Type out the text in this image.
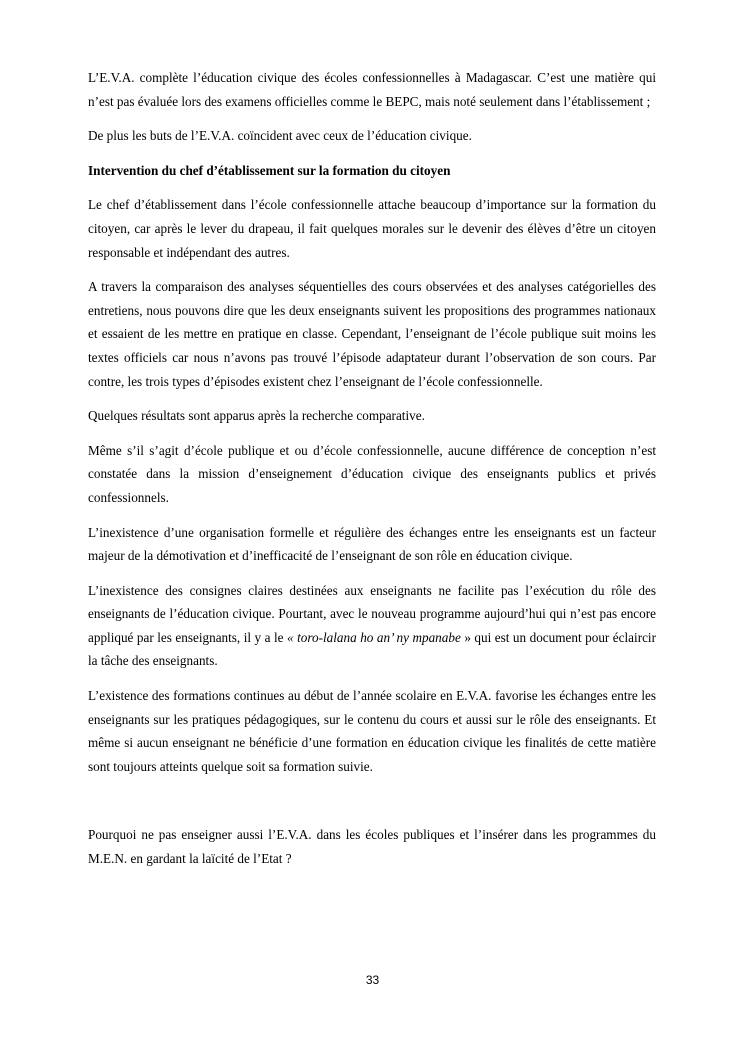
L’E.V.A. complète l’éducation civique des écoles confessionnelles à Madagascar. C’est une matière qui n’est pas évaluée lors des examens officielles comme le BEPC, mais noté seulement dans l’établissement ;

De plus les buts de l’E.V.A. coïncident avec ceux de l’éducation civique.

Intervention du chef d’établissement sur la formation du citoyen

Le chef d’établissement dans l’école confessionnelle attache beaucoup d’importance sur la formation du citoyen, car après le lever du drapeau, il fait quelques morales sur le devenir des élèves d’être un citoyen responsable et indépendant des autres.

A travers la comparaison des analyses séquentielles des cours observées et des analyses catégorielles des entretiens, nous pouvons dire que les deux enseignants suivent les propositions des programmes nationaux et essaient de les mettre en pratique en classe. Cependant, l’enseignant de l’école publique suit moins les textes officiels car nous n’avons pas trouvé l’épisode adaptateur durant l’observation de son cours. Par contre, les trois types d’épisodes existent chez l’enseignant de l’école confessionnelle.

Quelques résultats sont apparus après la recherche comparative.

Même s’il s’agit d’école publique et ou d’école confessionnelle, aucune différence de conception n’est constatée dans la mission d’enseignement d’éducation civique des enseignants publics et privés confessionnels.

L’inexistence d’une organisation formelle et régulière des échanges entre les enseignants est un facteur majeur de la démotivation et d’inefficacité de l’enseignant de son rôle en éducation civique.

L’inexistence des consignes claires destinées aux enseignants ne facilite pas l’exécution du rôle des enseignants de l’éducation civique. Pourtant, avec le nouveau programme aujourd’hui qui n’est pas encore appliqué par les enseignants, il y a le « toro-lalana ho an’ ny mpanabe » qui est un document pour éclaircir la tâche des enseignants.

L’existence des formations continues au début de l’année scolaire en E.V.A. favorise les échanges entre les enseignants sur les pratiques pédagogiques, sur le contenu du cours et aussi sur le rôle des enseignants. Et même si aucun enseignant ne bénéficie d’une formation en éducation civique les finalités de cette matière sont toujours atteints quelque soit sa formation suivie.

Pourquoi ne pas enseigner aussi l’E.V.A. dans les écoles publiques et l’insérer dans les programmes du M.E.N. en gardant la laïcité de l’Etat ?

33
